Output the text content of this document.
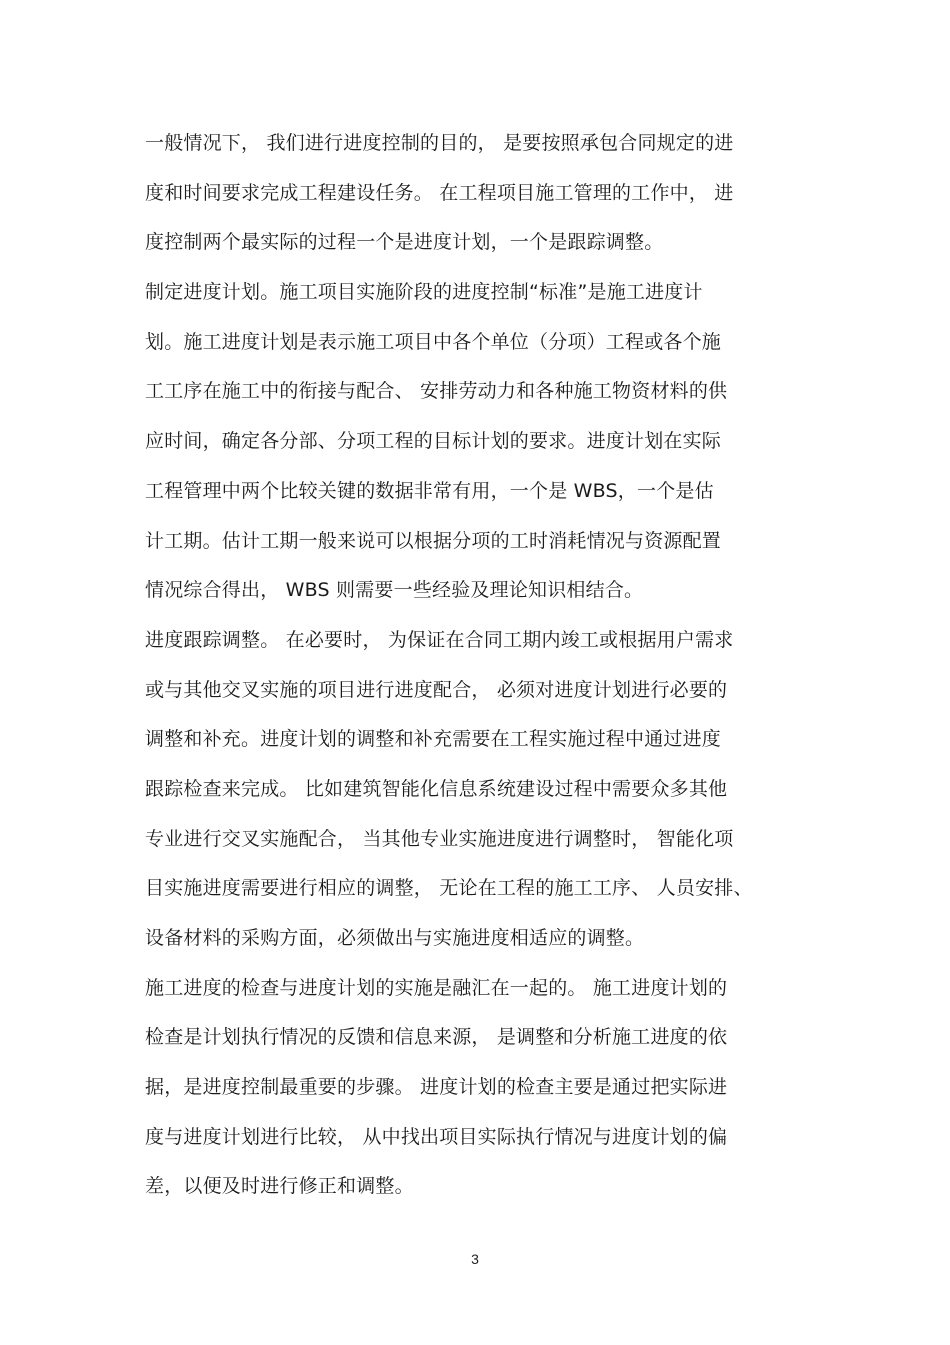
一般情况下， 我们进行进度控制的目的， 是要按照承包合同规定的进
度和时间要求完成工程建设任务。 在工程项目施工管理的工作中， 进
度控制两个最实际的过程一个是进度计划，一个是跟踪调整。
制定进度计划。施工项目实施阶段的进度控制“标准”是施工进度计
划。施工进度计划是表示施工项目中各个单位（分项）工程或各个施
工工序在施工中的衔接与配合、 安排劳动力和各种施工物资材料的供
应时间，确定各分部、分项工程的目标计划的要求。进度计划在实际
工程管理中两个比较关键的数据非常有用，一个是 WBS，一个是估
计工期。估计工期一般来说可以根据分项的工时消耗情况与资源配置
情况综合得出， WBS 则需要一些经验及理论知识相结合。
进度跟踪调整。 在必要时， 为保证在合同工期内竣工或根据用户需求
或与其他交叉实施的项目进行进度配合， 必须对进度计划进行必要的
调整和补充。进度计划的调整和补充需要在工程实施过程中通过进度
跟踪检查来完成。 比如建筑智能化信息系统建设过程中需要众多其他
专业进行交叉实施配合， 当其他专业实施进度进行调整时， 智能化项
目实施进度需要进行相应的调整， 无论在工程的施工工序、 人员安排、
设备材料的采购方面，必须做出与实施进度相适应的调整。
施工进度的检查与进度计划的实施是融汇在一起的。 施工进度计划的
检查是计划执行情况的反馈和信息来源， 是调整和分析施工进度的依
据，是进度控制最重要的步骤。 进度计划的检查主要是通过把实际进
度与进度计划进行比较， 从中找出项目实际执行情况与进度计划的偏
差，以便及时进行修正和调整。
3
